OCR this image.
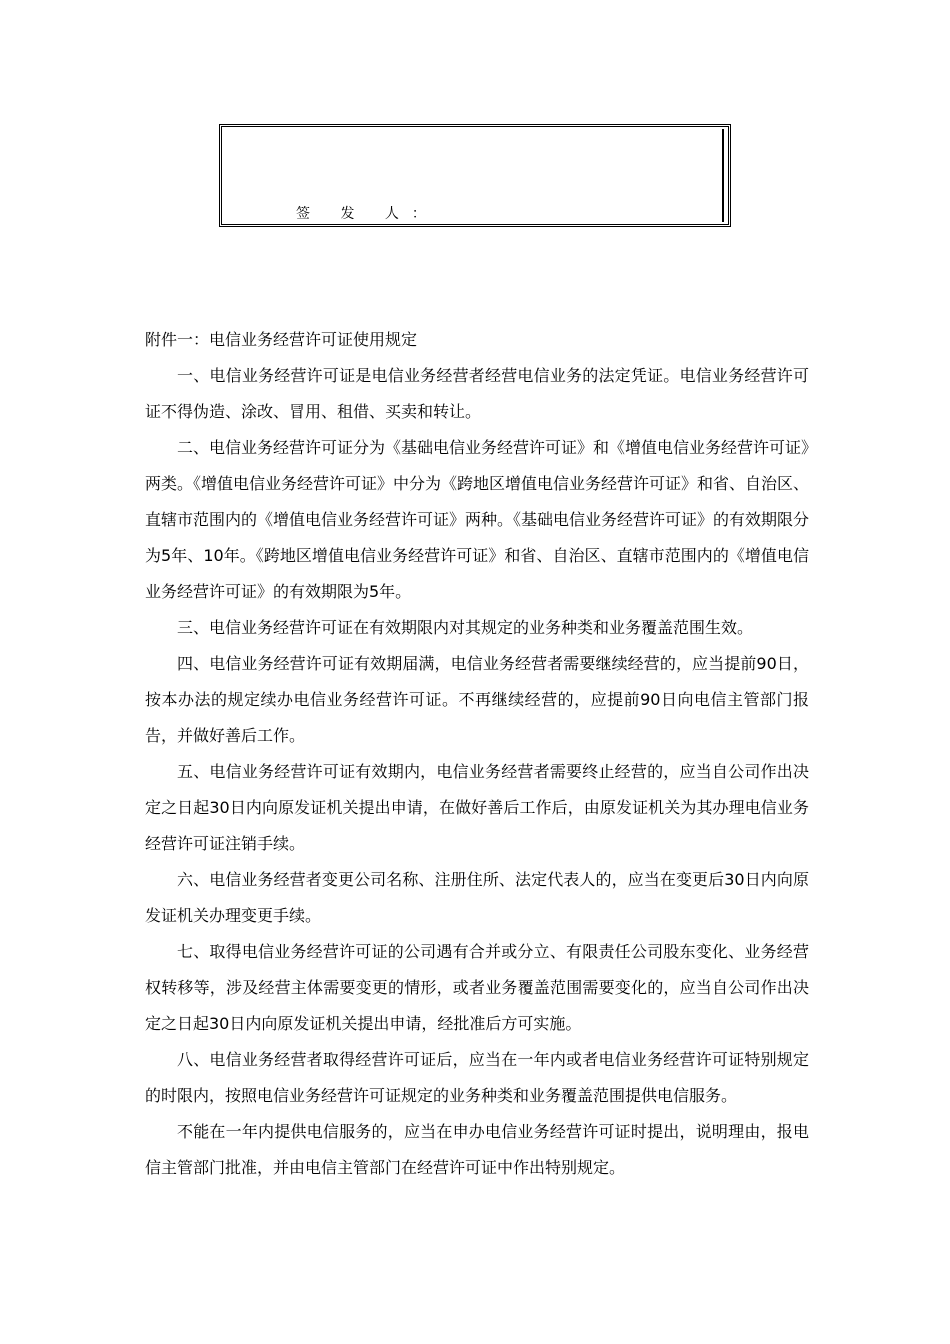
签 发 人：

附件一：电信业务经营许可证使用规定

一、电信业务经营许可证是电信业务经营者经营电信业务的法定凭证。电信业务经营许可证不得伪造、涂改、冒用、租借、买卖和转让。

二、电信业务经营许可证分为《基础电信业务经营许可证》和《增值电信业务经营许可证》两类。《增值电信业务经营许可证》中分为《跨地区增值电信业务经营许可证》和省、自治区、直辖市范围内的《增值电信业务经营许可证》两种。《基础电信业务经营许可证》的有效期限分为5年、10年。《跨地区增值电信业务经营许可证》和省、自治区、直辖市范围内的《增值电信业务经营许可证》的有效期限为5年。

三、电信业务经营许可证在有效期限内对其规定的业务种类和业务覆盖范围生效。

四、电信业务经营许可证有效期届满，电信业务经营者需要继续经营的，应当提前90日，按本办法的规定续办电信业务经营许可证。不再继续经营的，应提前90日向电信主管部门报告，并做好善后工作。

五、电信业务经营许可证有效期内，电信业务经营者需要终止经营的，应当自公司作出决定之日起30日内向原发证机关提出申请，在做好善后工作后，由原发证机关为其办理电信业务经营许可证注销手续。

六、电信业务经营者变更公司名称、注册住所、法定代表人的，应当在变更后30日内向原发证机关办理变更手续。

七、取得电信业务经营许可证的公司遇有合并或分立、有限责任公司股东变化、业务经营权转移等，涉及经营主体需要变更的情形，或者业务覆盖范围需要变化的，应当自公司作出决定之日起30日内向原发证机关提出申请，经批准后方可实施。

八、电信业务经营者取得经营许可证后，应当在一年内或者电信业务经营许可证特别规定的时限内，按照电信业务经营许可证规定的业务种类和业务覆盖范围提供电信服务。

不能在一年内提供电信服务的，应当在申办电信业务经营许可证时提出，说明理由，报电信主管部门批准，并由电信主管部门在经营许可证中作出特别规定。
